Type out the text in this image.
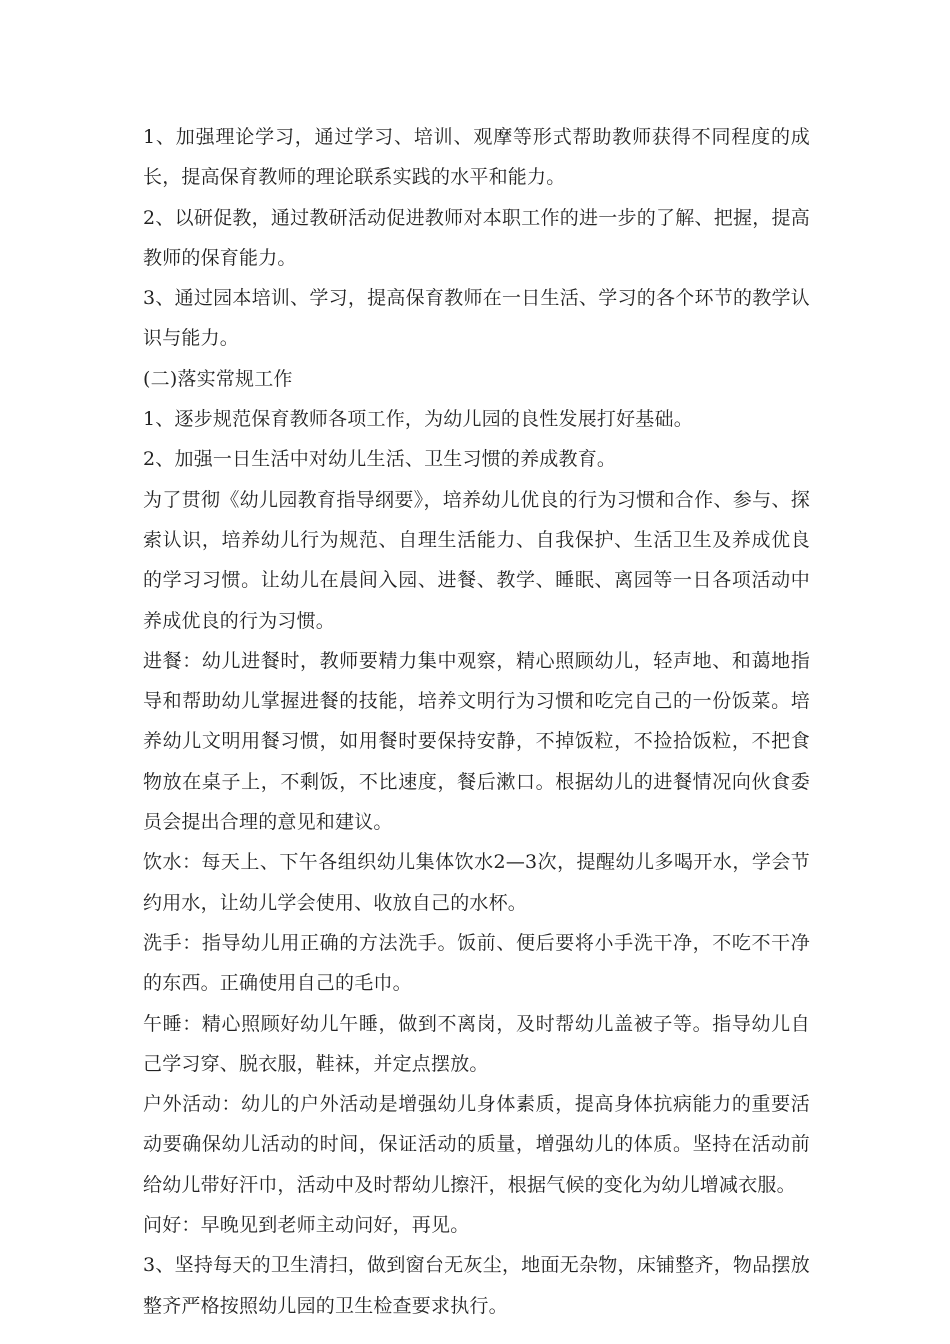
1、加强理论学习，通过学习、培训、观摩等形式帮助教师获得不同程度的成长，提高保育教师的理论联系实践的水平和能力。

2、以研促教，通过教研活动促进教师对本职工作的进一步的了解、把握，提高教师的保育能力。

3、通过园本培训、学习，提高保育教师在一日生活、学习的各个环节的教学认识与能力。

(二)落实常规工作

1、逐步规范保育教师各项工作，为幼儿园的良性发展打好基础。

2、加强一日生活中对幼儿生活、卫生习惯的养成教育。

为了贯彻《幼儿园教育指导纲要》，培养幼儿优良的行为习惯和合作、参与、探索认识，培养幼儿行为规范、自理生活能力、自我保护、生活卫生及养成优良的学习习惯。让幼儿在晨间入园、进餐、教学、睡眠、离园等一日各项活动中养成优良的行为习惯。

进餐：幼儿进餐时，教师要精力集中观察，精心照顾幼儿，轻声地、和蔼地指导和帮助幼儿掌握进餐的技能，培养文明行为习惯和吃完自己的一份饭菜。培养幼儿文明用餐习惯，如用餐时要保持安静，不掉饭粒，不捡拾饭粒，不把食物放在桌子上，不剩饭，不比速度，餐后漱口。根据幼儿的进餐情况向伙食委员会提出合理的意见和建议。

饮水：每天上、下午各组织幼儿集体饮水2—3次，提醒幼儿多喝开水，学会节约用水，让幼儿学会使用、收放自己的水杯。

洗手：指导幼儿用正确的方法洗手。饭前、便后要将小手洗干净，不吃不干净的东西。正确使用自己的毛巾。

午睡：精心照顾好幼儿午睡，做到不离岗，及时帮幼儿盖被子等。指导幼儿自己学习穿、脱衣服，鞋袜，并定点摆放。

户外活动：幼儿的户外活动是增强幼儿身体素质，提高身体抗病能力的重要活动要确保幼儿活动的时间，保证活动的质量，增强幼儿的体质。坚持在活动前给幼儿带好汗巾，活动中及时帮幼儿擦汗，根据气候的变化为幼儿增减衣服。

问好：早晚见到老师主动问好，再见。

3、坚持每天的卫生清扫，做到窗台无灰尘，地面无杂物，床铺整齐，物品摆放整齐严格按照幼儿园的卫生检查要求执行。
